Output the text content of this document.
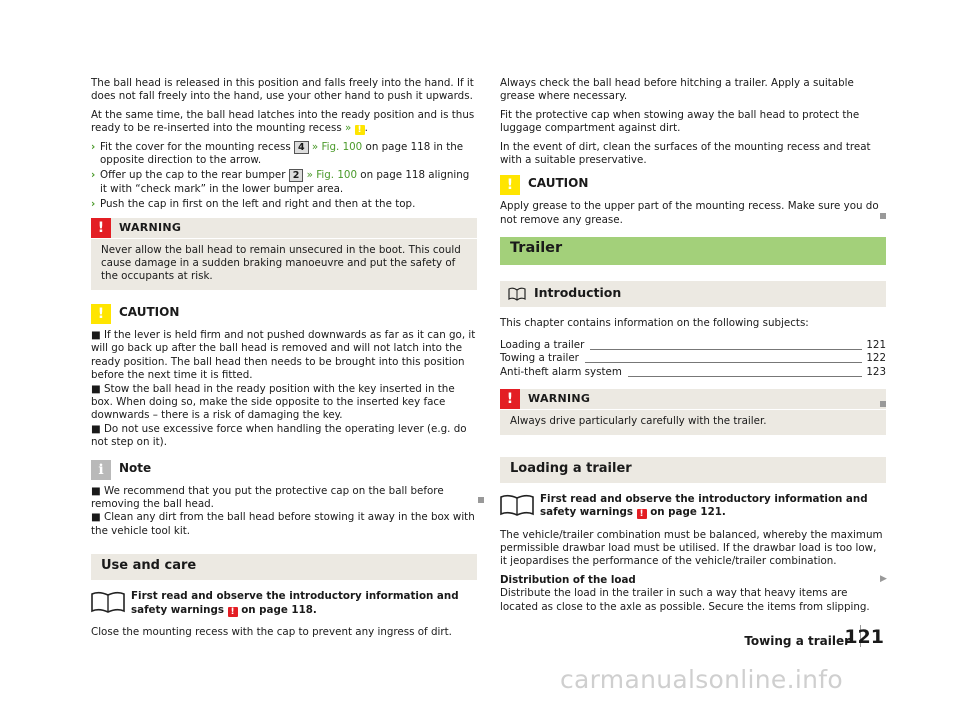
The ball head is released in this position and falls freely into the hand. If it does not fall freely into the hand, use your other hand to push it upwards.

At the same time, the ball head latches into the ready position and is thus ready to be re-inserted into the mounting recess » ! .

› Fit the cover for the mounting recess 4 » Fig. 100 on page 118 in the opposite direction to the arrow.
› Offer up the cap to the rear bumper 2 » Fig. 100 on page 118 aligning it with “check mark” in the lower bumper area.
› Push the cap in first on the left and right and then at the top.
!	WARNING
Never allow the ball head to remain unsecured in the boot. This could cause damage in a sudden braking manoeuvre and put the safety of the occupants at risk.
!	CAUTION
■ If the lever is held firm and not pushed downwards as far as it can go, it will go back up after the ball head is removed and will not latch into the ready position. The ball head then needs to be brought into this position before the next time it is fitted.
■ Stow the ball head in the ready position with the key inserted in the box. When doing so, make the side opposite to the inserted key face downwards – there is a risk of damaging the key.
■ Do not use excessive force when handling the operating lever (e.g. do not step on it).
i	Note
■ We recommend that you put the protective cap on the ball before removing the ball head.
■ Clean any dirt from the ball head before stowing it away in the box with the vehicle tool kit.
Use and care
First read and observe the introductory information and safety warnings ! on page 118.

Close the mounting recess with the cap to prevent any ingress of dirt.

Always check the ball head before hitching a trailer. Apply a suitable grease where necessary.

Fit the protective cap when stowing away the ball head to protect the luggage compartment against dirt.

In the event of dirt, clean the surfaces of the mounting recess and treat with a suitable preservative.

!	CAUTION
Apply grease to the upper part of the mounting recess. Make sure you do not remove any grease.
Trailer
Introduction

This chapter contains information on the following subjects:

Loading a trailer	121
Towing a trailer	122
Anti-theft alarm system	123
!	WARNING
Always drive particularly carefully with the trailer.
Loading a trailer
First read and observe the introductory information and safety warnings ! on page 121.

The vehicle/trailer combination must be balanced, whereby the maximum permissible drawbar load must be utilised. If the drawbar load is too low, it jeopardises the performance of the vehicle/trailer combination.

Distribution of the load

Distribute the load in the trailer in such a way that heavy items are located as close to the axle as possible. Secure the items from slipping.

▶
Towing a trailer
121
carmanualsonline.info
